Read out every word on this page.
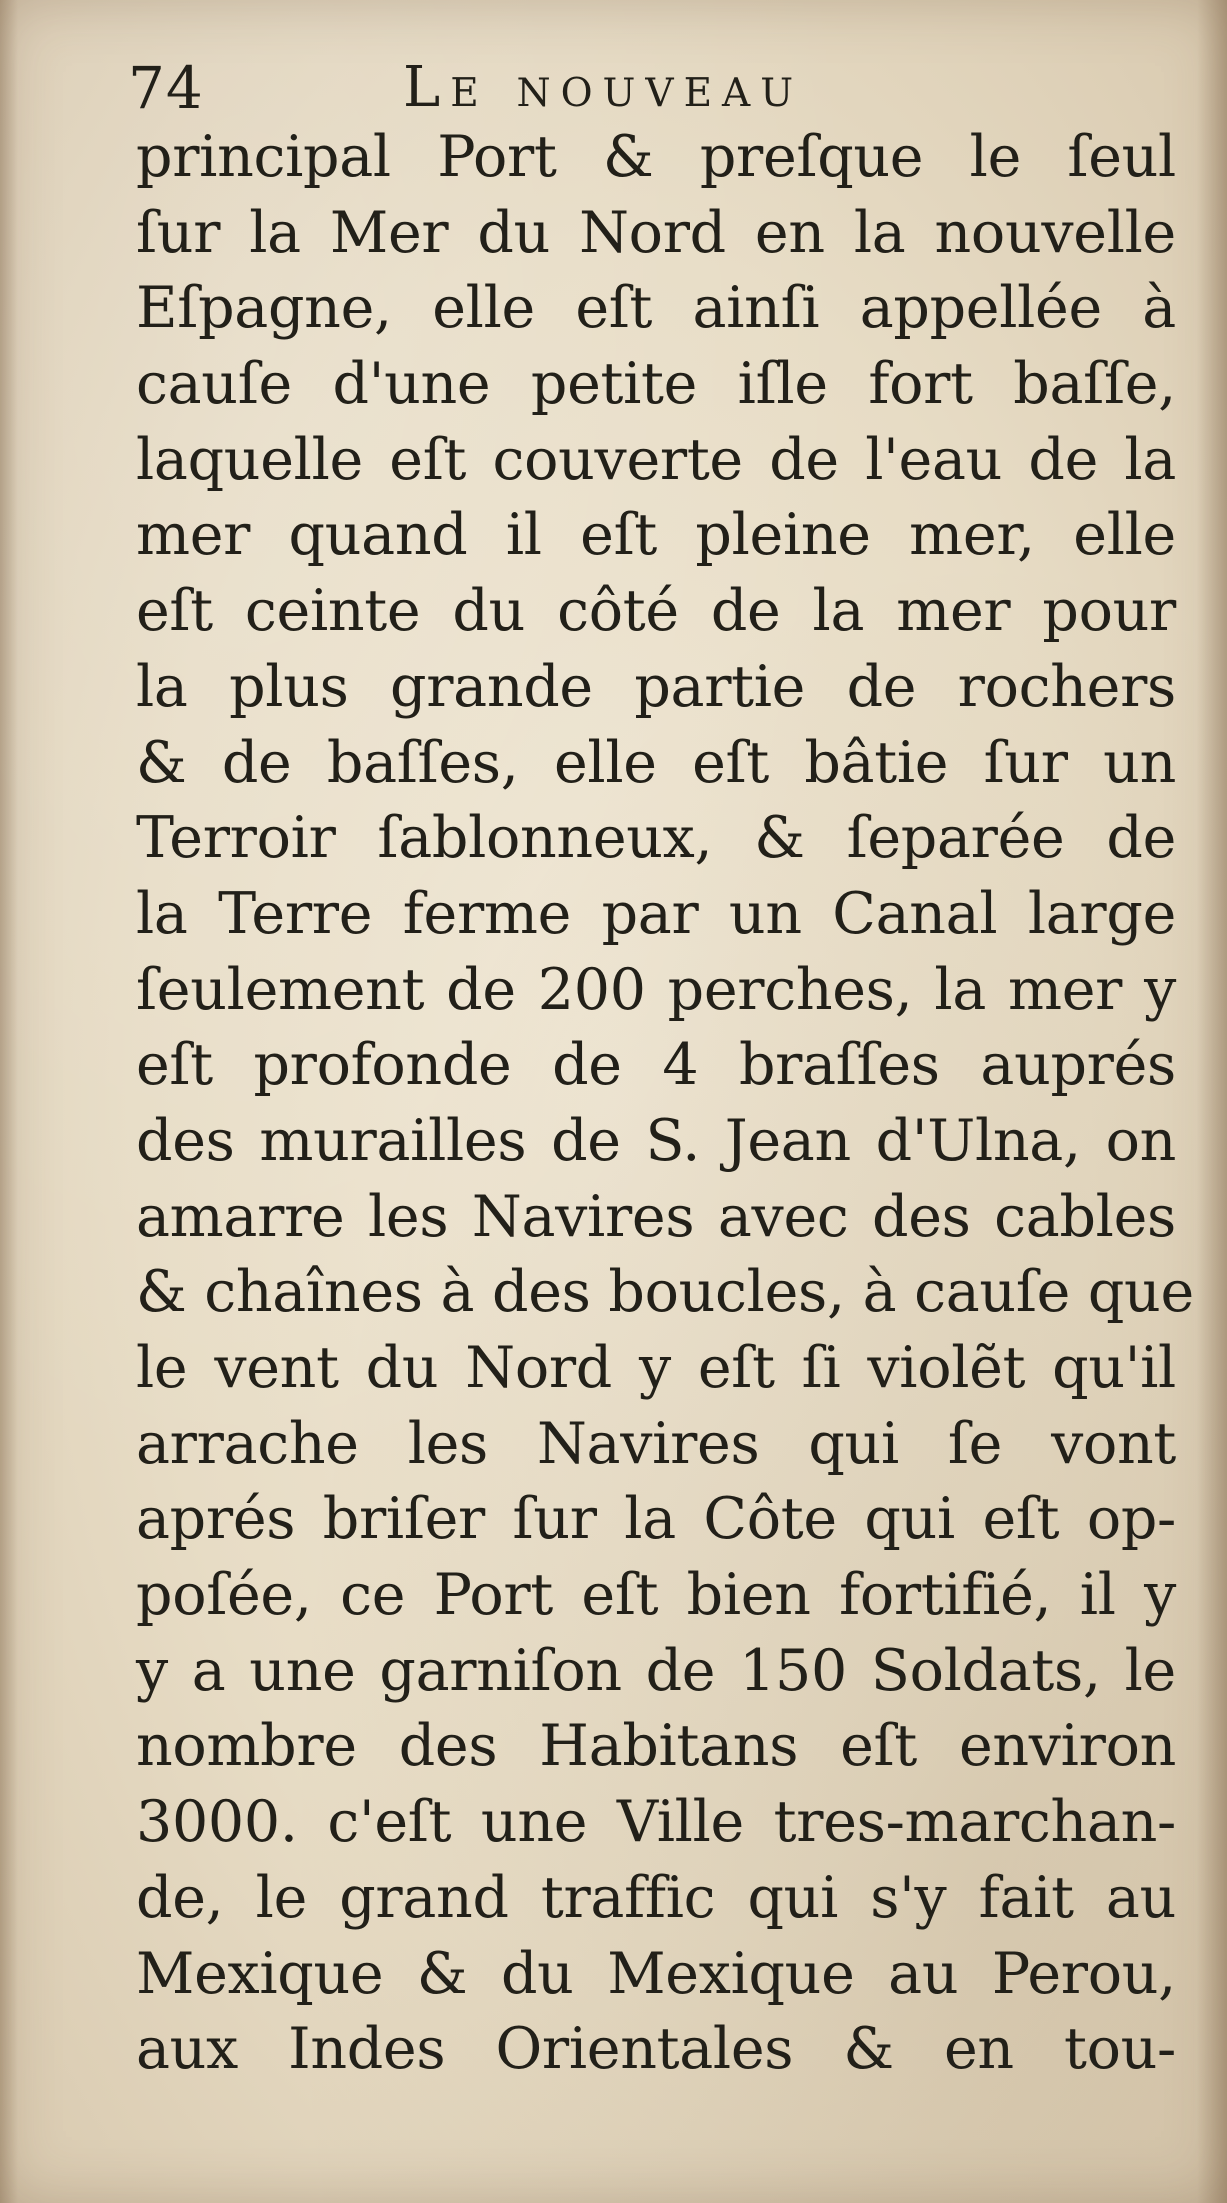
74	Le nouveau
principal Port & preſque le ſeul
ſur la Mer du Nord en la nouvelle
Eſpagne, elle eſt ainſi appellée à
cauſe d'une petite iſle fort baſſe,
laquelle eſt couverte de l'eau de la
mer quand il eſt pleine mer, elle
eſt ceinte du côté de la mer pour
la plus grande partie de rochers
& de baſſes, elle eſt bâtie ſur un
Terroir ſablonneux, & ſeparée de
la Terre ferme par un Canal large
ſeulement de 200 perches, la mer y
eſt profonde de 4 braſſes auprés
des murailles de S. Jean d'Ulna, on
amarre les Navires avec des cables
& chaînes à des boucles, à cauſe que
le vent du Nord y eſt ſi violẽt qu'il
arrache les Navires qui ſe vont
aprés briſer ſur la Côte qui eſt op-
poſée, ce Port eſt bien fortifié, il y
y a une garniſon de 150 Soldats, le
nombre des Habitans eſt environ
3000. c'eſt une Ville tres-marchan-
de, le grand traffic qui s'y fait au
Mexique & du Mexique au Perou,
aux Indes Orientales & en tou-
